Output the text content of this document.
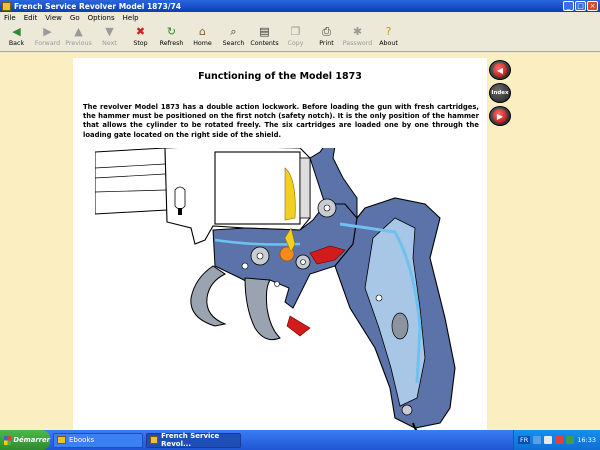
French Service Revolver Model 1873/74	_ □ ×
File Edit View Go Options Help
◀
Back
▶
Forward
▲
Previous
▼
Next
✖
Stop
↻
Refresh
⌂
Home
⌕
Search
▤
Contents
❐
Copy
⎙
Print
✱
Password
?
About
Functioning of the Model 1873
The revolver Model 1873 has a double action lockwork. Before loading the gun with fresh cartridges, the hammer must be positioned on the first notch (safety notch). It is the only position of the hammer that allows the cylinder to be rotated freely. The six cartridges are loaded one by one through the loading gate located on the right side of the shield.
◀
Index
▶
Démarrer	Ebooks	French Service Revol...	FR	16:33
